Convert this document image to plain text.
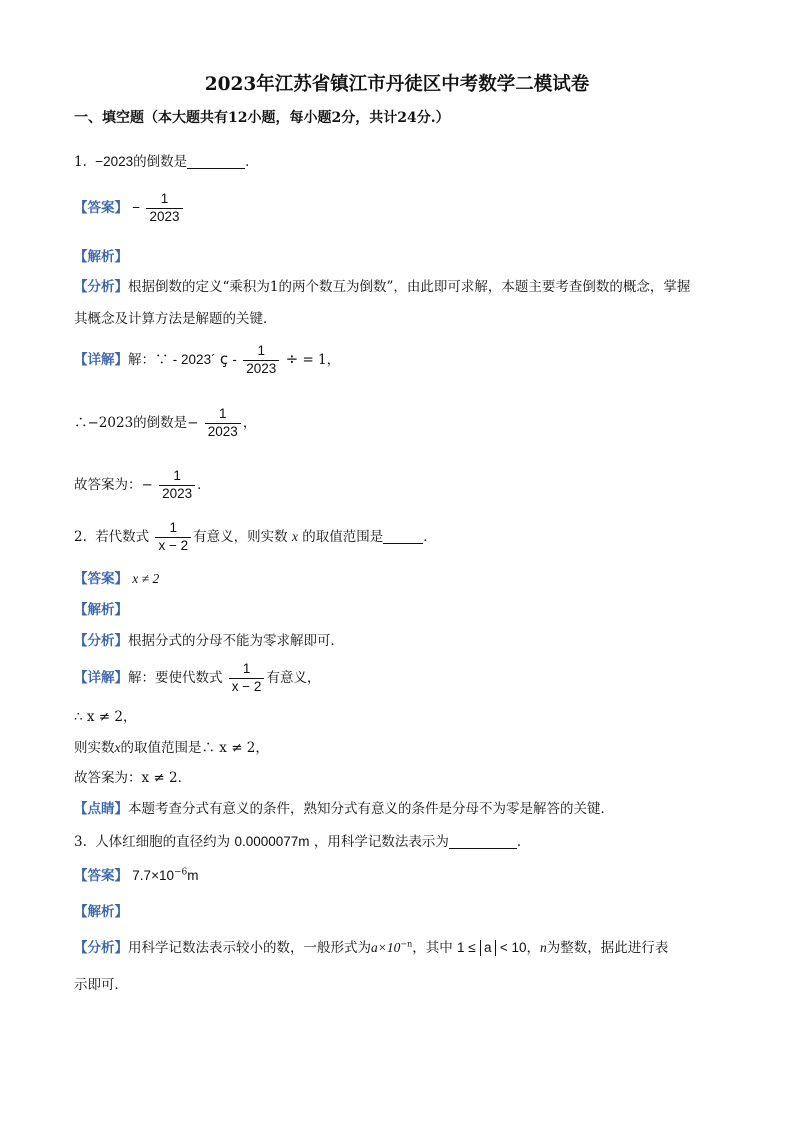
2023年江苏省镇江市丹徒区中考数学二模试卷
一、填空题（本大题共有12小题，每小题2分，共计24分.）
1. −2023的倒数是	．
【答案】 − $\frac{1}{2023}$
【解析】
【分析】根据倒数的定义“乘积为1的两个数互为倒数”，由此即可求解，本题主要考查倒数的概念，掌握
其概念及计算方法是解题的关键．
【详解】解：∵ - 2023´ ç - $\frac{1}{2023}$ ÷ = 1，
∴−2023的倒数是− $\frac{1}{2023}$ ，
故答案为：− $\frac{1}{2023}$ ．
2. 若代数式 $\frac{1}{x - 2}$ 有意义，则实数 x 的取值范围是	．
【答案】 x ≠ 2
【解析】
【分析】根据分式的分母不能为零求解即可．
【详解】解：要使代数式 $\frac{1}{x - 2}$ 有意义，
∴ x ≠ 2，
则实数x的取值范围是∴ x ≠ 2，
故答案为：x ≠ 2．
【点睛】本题考查分式有意义的条件，熟知分式有意义的条件是分母不为零是解答的关键．
3. 人体红细胞的直径约为 0.0000077m ，用科学记数法表示为	．
【答案】 $7.7\times 10^{-6}m$
【解析】
【分析】用科学记数法表示较小的数，一般形式为$a\times 10^{-n}$，其中 1 ≤ a < 10，n为整数，据此进行表
示即可．
